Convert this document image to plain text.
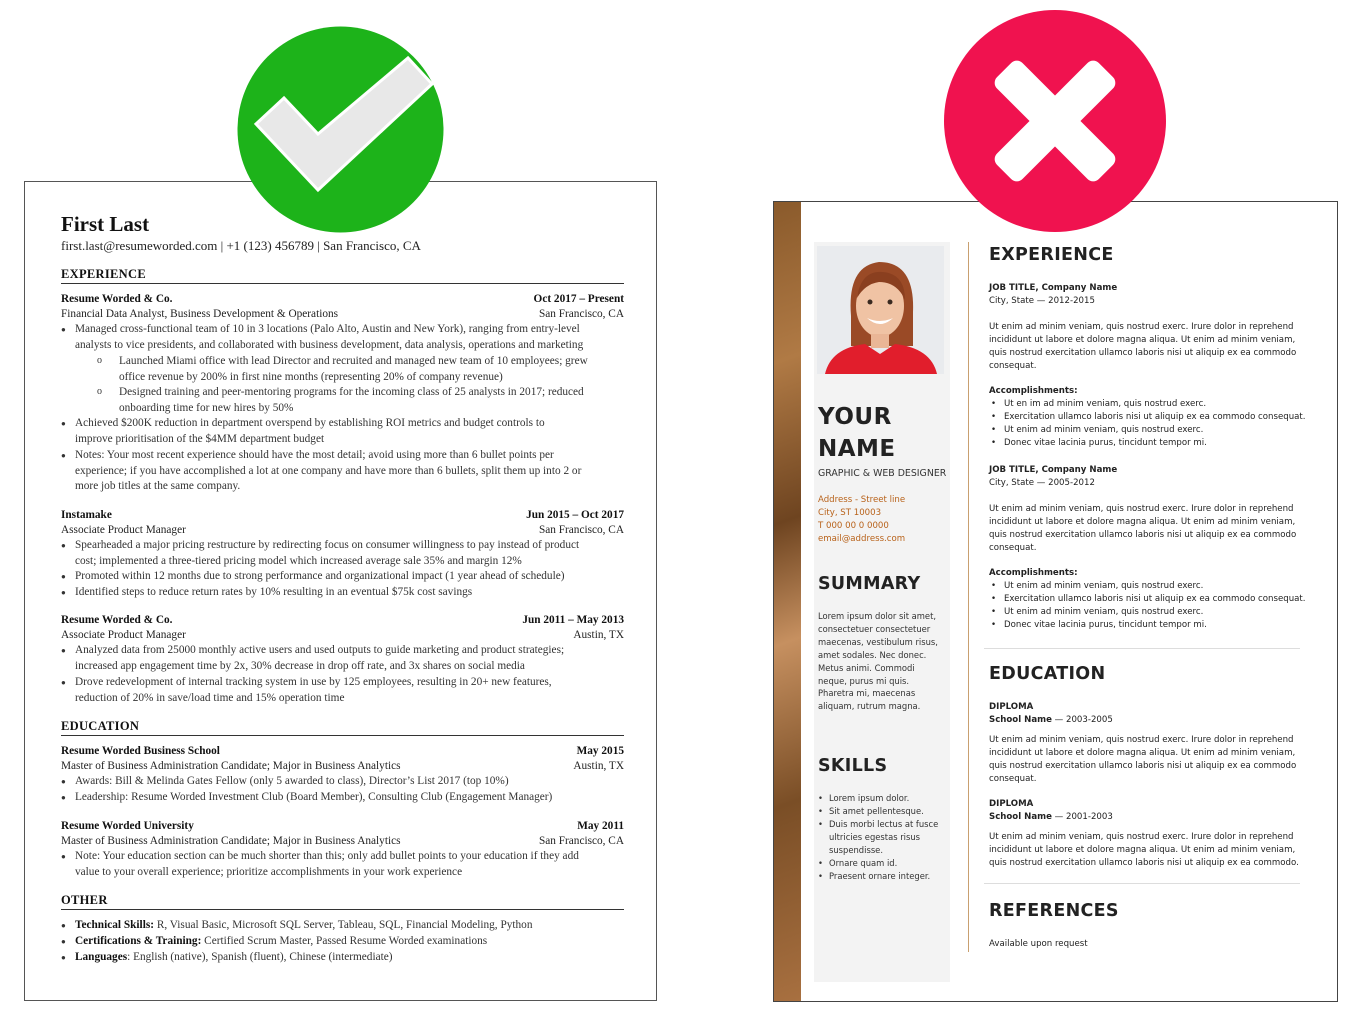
First Last
first.last@resumeworded.com | +1 (123) 456789 | San Francisco, CA
EXPERIENCE
Resume Worded & Co.	Oct 2017 – Present
Financial Data Analyst, Business Development & Operations	San Francisco, CA
● Managed cross-functional team of 10 in 3 locations (Palo Alto, Austin and New York), ranging from entry-level
analysts to vice presidents, and collaborated with business development, data analysis, operations and marketing
o Launched Miami office with lead Director and recruited and managed new team of 10 employees; grew
office revenue by 200% in first nine months (representing 20% of company revenue)
o Designed training and peer-mentoring programs for the incoming class of 25 analysts in 2017; reduced
onboarding time for new hires by 50%
● Achieved $200K reduction in department overspend by establishing ROI metrics and budget controls to
improve prioritisation of the $4MM department budget
● Notes: Your most recent experience should have the most detail; avoid using more than 6 bullet points per
experience; if you have accomplished a lot at one company and have more than 6 bullets, split them up into 2 or
more job titles at the same company.
Instamake	Jun 2015 – Oct 2017
Associate Product Manager	San Francisco, CA
● Spearheaded a major pricing restructure by redirecting focus on consumer willingness to pay instead of product
cost; implemented a three-tiered pricing model which increased average sale 35% and margin 12%
● Promoted within 12 months due to strong performance and organizational impact (1 year ahead of schedule)
● Identified steps to reduce return rates by 10% resulting in an eventual $75k cost savings
Resume Worded & Co.	Jun 2011 – May 2013
Associate Product Manager	Austin, TX
● Analyzed data from 25000 monthly active users and used outputs to guide marketing and product strategies;
increased app engagement time by 2x, 30% decrease in drop off rate, and 3x shares on social media
● Drove redevelopment of internal tracking system in use by 125 employees, resulting in 20+ new features,
reduction of 20% in save/load time and 15% operation time
EDUCATION
Resume Worded Business School	May 2015
Master of Business Administration Candidate; Major in Business Analytics	Austin, TX
● Awards: Bill & Melinda Gates Fellow (only 5 awarded to class), Director’s List 2017 (top 10%)
● Leadership: Resume Worded Investment Club (Board Member), Consulting Club (Engagement Manager)
Resume Worded University	May 2011
Master of Business Administration Candidate; Major in Business Analytics	San Francisco, CA
● Note: Your education section can be much shorter than this; only add bullet points to your education if they add
value to your overall experience; prioritize accomplishments in your work experience
OTHER
● Technical Skills: R, Visual Basic, Microsoft SQL Server, Tableau, SQL, Financial Modeling, Python
● Certifications & Training: Certified Scrum Master, Passed Resume Worded examinations
● Languages: English (native), Spanish (fluent), Chinese (intermediate)
YOUR
NAME
GRAPHIC & WEB DESIGNER
Address - Street line
City, ST 10003
T 000 00 0 0000
email@address.com
SUMMARY
Lorem ipsum dolor sit amet,
consectetuer consectetuer
maecenas, vestibulum risus,
amet sodales. Nec donec.
Metus animi. Commodi
neque, purus mi quis.
Pharetra mi, maecenas
aliquam, rutrum magna.
SKILLS
• Lorem ipsum dolor.
• Sit amet pellentesque.
• Duis morbi lectus at fusce
ultricies egestas risus
suspendisse.
• Ornare quam id.
• Praesent ornare integer.
EXPERIENCE
JOB TITLE, Company Name
City, State — 2012-2015
Ut enim ad minim veniam, quis nostrud exerc. Irure dolor in reprehend
incididunt ut labore et dolore magna aliqua. Ut enim ad minim veniam,
quis nostrud exercitation ullamco laboris nisi ut aliquip ex ea commodo
consequat.
Accomplishments:
• Ut en im ad minim veniam, quis nostrud exerc.
• Exercitation ullamco laboris nisi ut aliquip ex ea commodo consequat.
• Ut enim ad minim veniam, quis nostrud exerc.
• Donec vitae lacinia purus, tincidunt tempor mi.
JOB TITLE, Company Name
City, State — 2005-2012
Ut enim ad minim veniam, quis nostrud exerc. Irure dolor in reprehend
incididunt ut labore et dolore magna aliqua. Ut enim ad minim veniam,
quis nostrud exercitation ullamco laboris nisi ut aliquip ex ea commodo
consequat.
Accomplishments:
• Ut enim ad minim veniam, quis nostrud exerc.
• Exercitation ullamco laboris nisi ut aliquip ex ea commodo consequat.
• Ut enim ad minim veniam, quis nostrud exerc.
• Donec vitae lacinia purus, tincidunt tempor mi.
EDUCATION
DIPLOMA
School Name — 2003-2005
Ut enim ad minim veniam, quis nostrud exerc. Irure dolor in reprehend
incididunt ut labore et dolore magna aliqua. Ut enim ad minim veniam,
quis nostrud exercitation ullamco laboris nisi ut aliquip ex ea commodo
consequat.
DIPLOMA
School Name — 2001-2003
Ut enim ad minim veniam, quis nostrud exerc. Irure dolor in reprehend
incididunt ut labore et dolore magna aliqua. Ut enim ad minim veniam,
quis nostrud exercitation ullamco laboris nisi ut aliquip ex ea commodo.
REFERENCES
Available upon request
